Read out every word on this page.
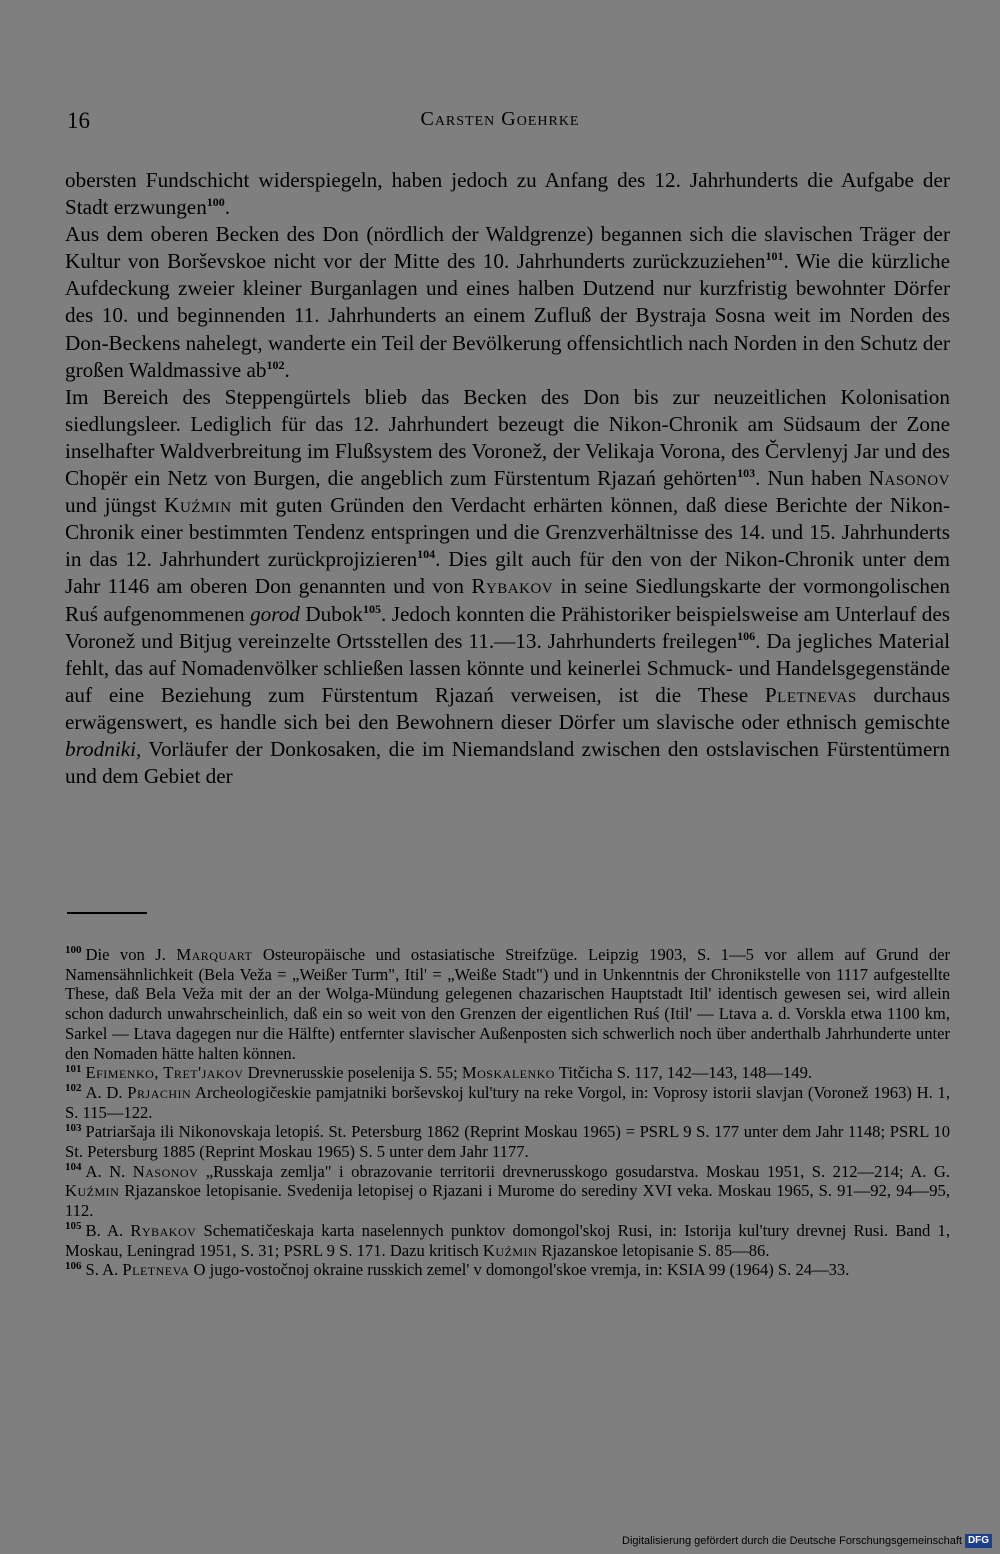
16	Carsten Goehrke
obersten Fundschicht widerspiegeln, haben jedoch zu Anfang des 12. Jahrhunderts die Aufgabe der Stadt erzwungen$^{100}$.
Aus dem oberen Becken des Don (nördlich der Waldgrenze) begannen sich die slavischen Träger der Kultur von Borševskoe nicht vor der Mitte des 10. Jahrhunderts zurückzuziehen$^{101}$. Wie die kürzliche Aufdeckung zweier kleiner Burganlagen und eines halben Dutzend nur kurzfristig bewohnter Dörfer des 10. und beginnenden 11. Jahrhunderts an einem Zufluß der Bystraja Sosna weit im Norden des Don-Beckens nahelegt, wanderte ein Teil der Bevölkerung offensichtlich nach Norden in den Schutz der großen Waldmassive $ab^{102}$.
Im Bereich des Steppengürtels blieb das Becken des Don bis zur neuzeitlichen Kolonisation siedlungsleer. Lediglich für das 12. Jahrhundert bezeugt die Nikon-Chronik am Südsaum der Zone inselhafter Waldverbreitung im Flußsystem des Voronež, der Velikaja Vorona, des Červlenyj Jar und des Chopër ein Netz von Burgen, die angeblich zum Fürstentum Rjazań gehörten$^{103}$. Nun haben Nasonov und jüngst Kuźmin mit guten Gründen den Verdacht erhärten können, daß diese Berichte der Nikon-Chronik einer bestimmten Tendenz entspringen und die Grenzverhältnisse des 14. und 15. Jahrhunderts in das 12. Jahrhundert zurückprojizieren$^{104}$. Dies gilt auch für den von der Nikon-Chronik unter dem Jahr 1146 am oberen Don genannten und von Rybakov in seine Siedlungskarte der vormongolischen Ruś aufgenommenen gorod Dubok$^{105}$. Jedoch konnten die Prähistoriker beispielsweise am Unterlauf des Voronež und Bitjug vereinzelte Ortsstellen des 11.—13. Jahrhunderts freilegen$^{106}$. Da jegliches Material fehlt, das auf Nomadenvölker schließen lassen könnte und keinerlei Schmuck- und Handelsgegenstände auf eine Beziehung zum Fürstentum Rjazań verweisen, ist die These Pletnevas durchaus erwägenswert, es handle sich bei den Bewohnern dieser Dörfer um slavische oder ethnisch gemischte brodniki, Vorläufer der Donkosaken, die im Niemandsland zwischen den ostslavischen Fürstentümern und dem Gebiet der
$^{100}$ Die von J. Marquart Osteuropäische und ostasiatische Streifzüge. Leipzig 1903, S. 1—5 vor allem auf Grund der Namensähnlichkeit (Bela Veža = „Weißer Turm", Itil' = „Weiße Stadt") und in Unkenntnis der Chronikstelle von 1117 aufgestellte These, daß Bela Veža mit der an der Wolga-Mündung gelegenen chazarischen Hauptstadt Itil' identisch gewesen sei, wird allein schon dadurch unwahrscheinlich, daß ein so weit von den Grenzen der eigentlichen Ruś (Itil' — Ltava a. d. Vorskla etwa 1100 km, Sarkel — Ltava dagegen nur die Hälfte) entfernter slavischer Außenposten sich schwerlich noch über anderthalb Jahrhunderte unter den Nomaden hätte halten können.
$^{101}$ Efimenko, Tret'jakov Drevnerusskie poselenija S. 55; Moskalenko Titčicha S. 117, 142—143, 148—149.
$^{102}$ A. D. Prjachin Archeologičeskie pamjatniki borševskoj kul'tury na reke Vorgol, in: Voprosy istorii slavjan (Voronež 1963) H. 1, S. 115—122.
$^{103}$ Patriaršaja ili Nikonovskaja letopiś. St. Petersburg 1862 (Reprint Moskau 1965) = PSRL 9 S. 177 unter dem Jahr 1148; PSRL 10 St. Petersburg 1885 (Reprint Moskau 1965) S. 5 unter dem Jahr 1177.
$^{104}$ A. N. Nasonov „Russkaja zemlja" i obrazovanie territorii drevnerusskogo gosudarstva. Moskau 1951, S. 212—214; A. G. Kuźmin Rjazanskoe letopisanie. Svedenija letopisej o Rjazani i Murome do serediny XVI veka. Moskau 1965, S. 91—92, 94—95, 112.
$^{105}$ B. A. Rybakov Schematičeskaja karta naselennych punktov domongol'skoj Rusi, in: Istorija kul'tury drevnej Rusi. Band 1, Moskau, Leningrad 1951, S. 31; PSRL 9 S. 171. Dazu kritisch Kuźmin Rjazanskoe letopisanie S. 85—86.
$^{106}$ S. A. Pletneva O jugo-vostočnoj okraine russkich zemel' v domongol'skoe vremja, in: KSIA 99 (1964) S. 24—33.
Digitalisierung gefördert durch die Deutsche Forschungsgemeinschaft DFG
